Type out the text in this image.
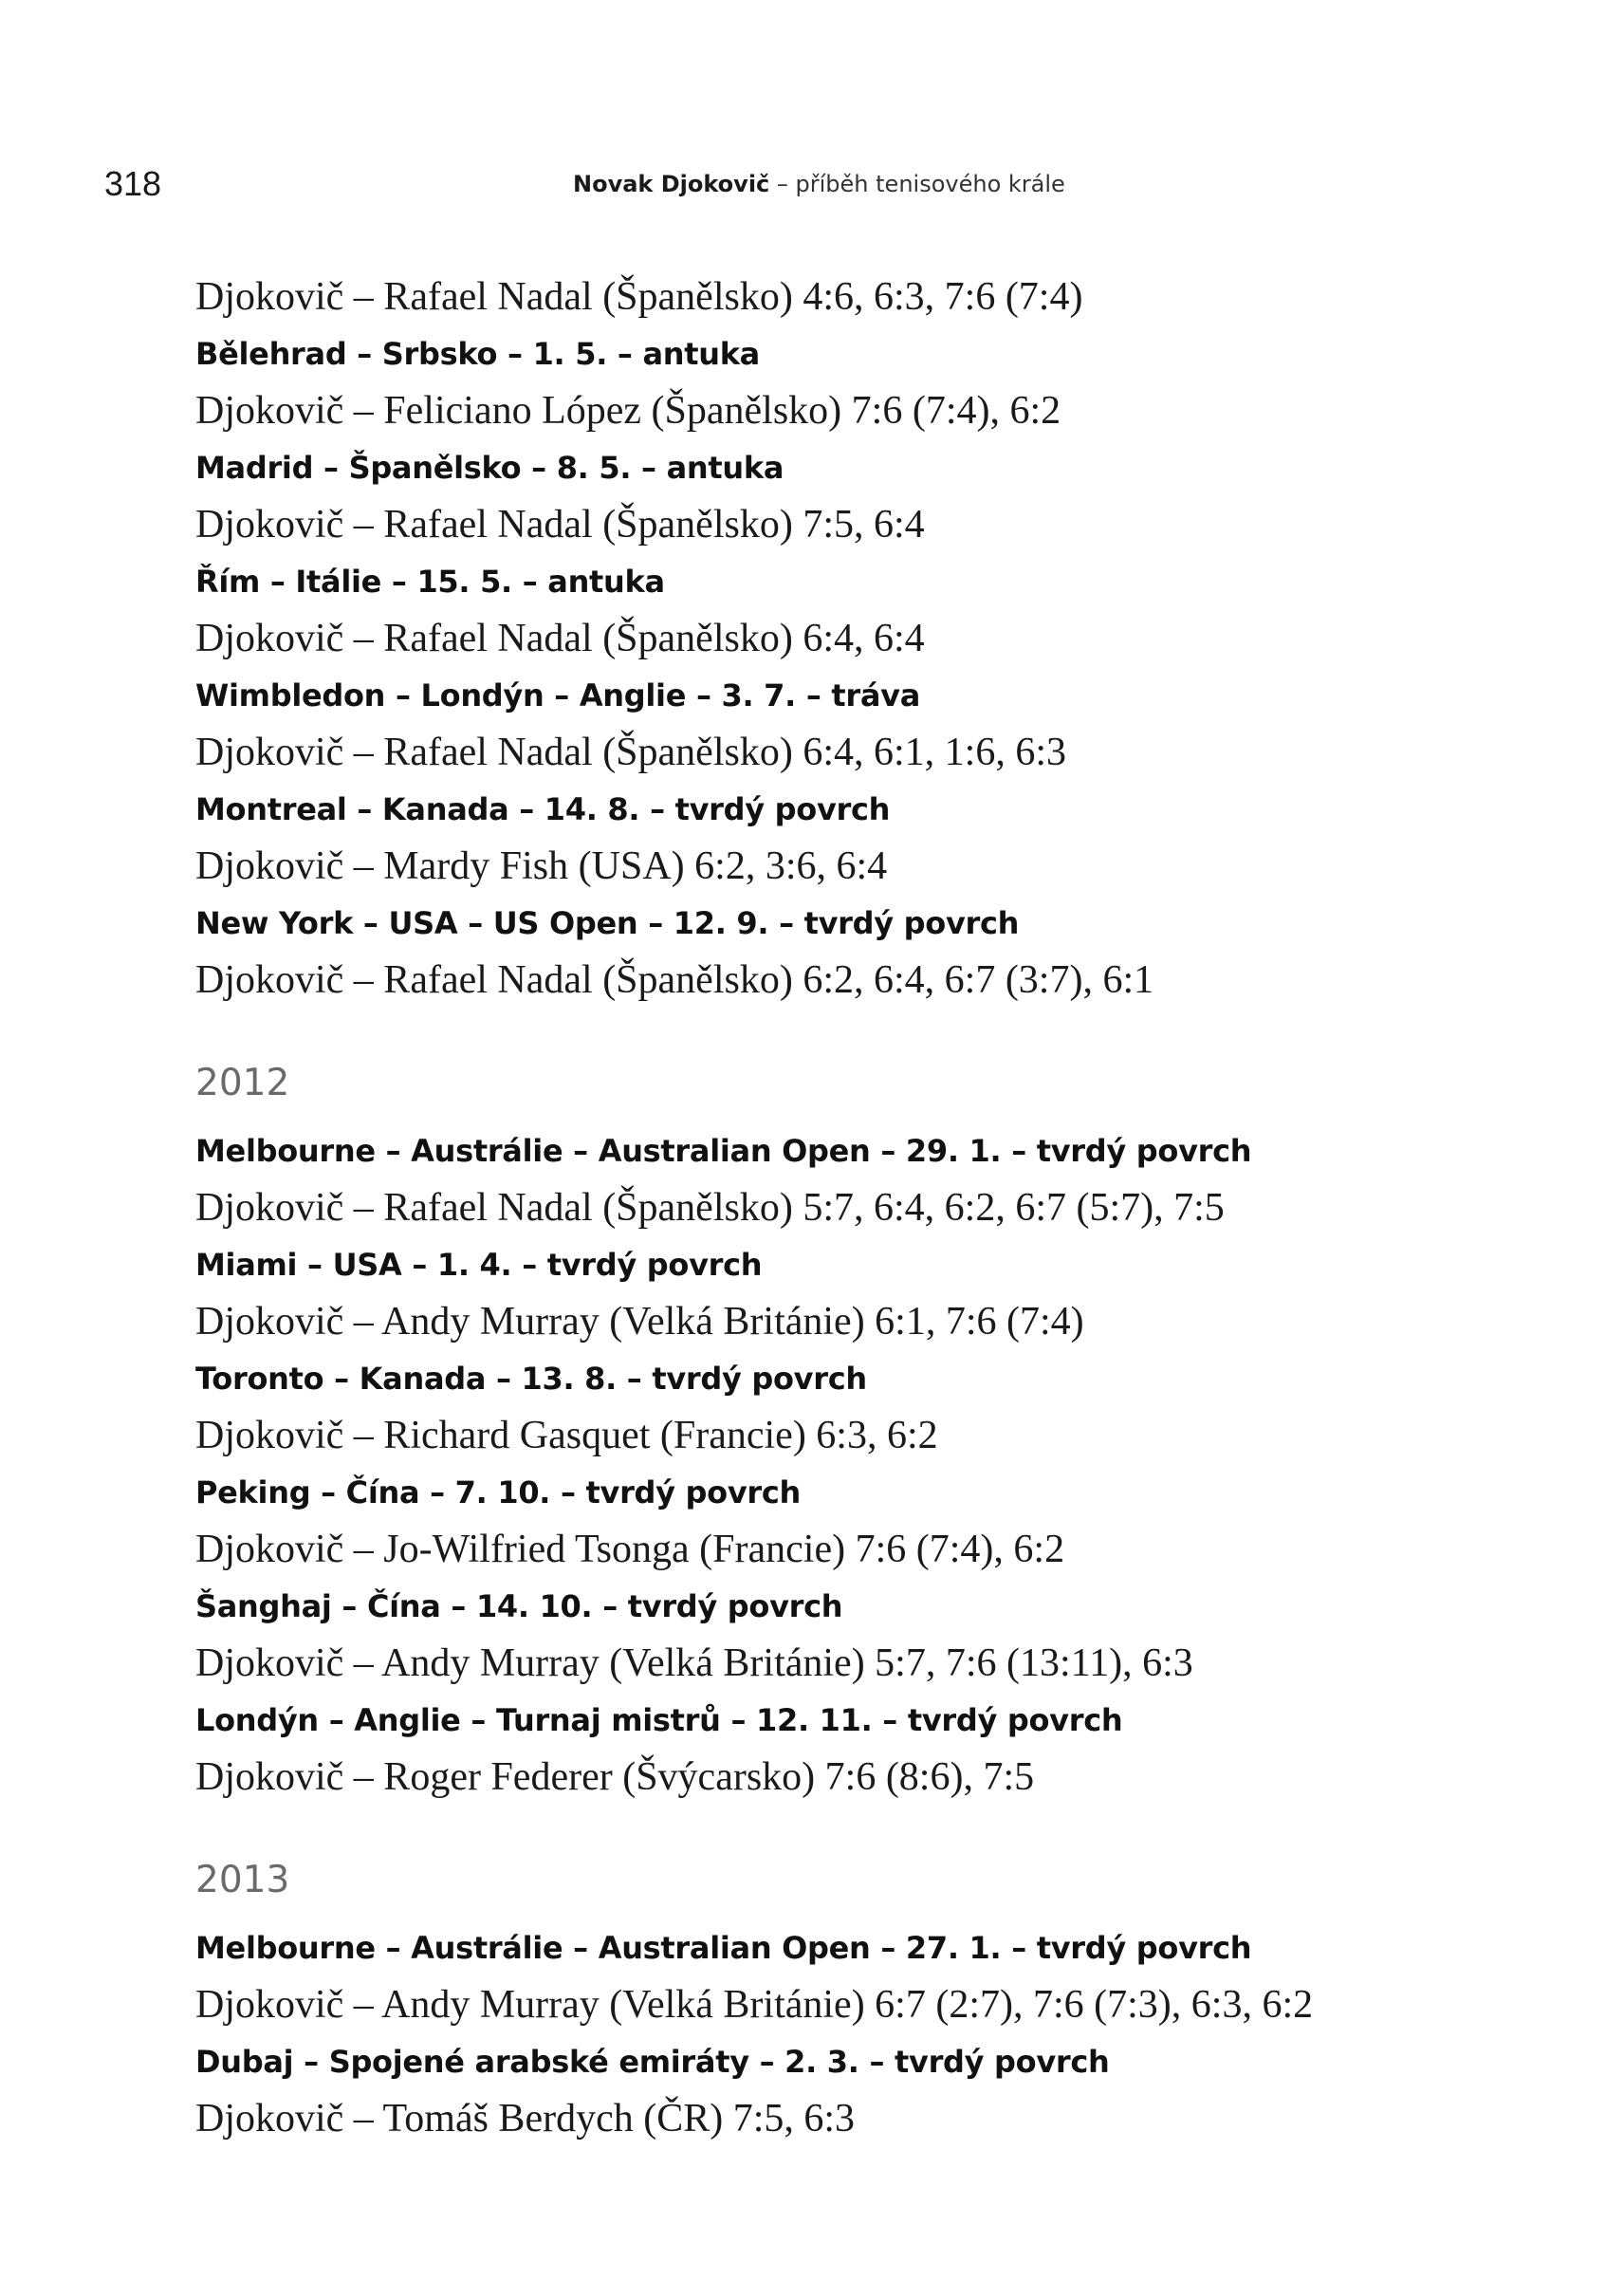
318	Novak Djokovič – příběh tenisového krále
Djokovič – Rafael Nadal (Španělsko) 4:6, 6:3, 7:6 (7:4)
Bělehrad – Srbsko – 1. 5. – antuka
Djokovič – Feliciano López (Španělsko) 7:6 (7:4), 6:2
Madrid – Španělsko – 8. 5. – antuka
Djokovič – Rafael Nadal (Španělsko) 7:5, 6:4
Řím – Itálie – 15. 5. – antuka
Djokovič – Rafael Nadal (Španělsko) 6:4, 6:4
Wimbledon – Londýn – Anglie – 3. 7. – tráva
Djokovič – Rafael Nadal (Španělsko) 6:4, 6:1, 1:6, 6:3
Montreal – Kanada – 14. 8. – tvrdý povrch
Djokovič – Mardy Fish (USA) 6:2, 3:6, 6:4
New York – USA – US Open – 12. 9. – tvrdý povrch
Djokovič – Rafael Nadal (Španělsko) 6:2, 6:4, 6:7 (3:7), 6:1
2012
Melbourne – Austrálie – Australian Open – 29. 1. – tvrdý povrch
Djokovič – Rafael Nadal (Španělsko) 5:7, 6:4, 6:2, 6:7 (5:7), 7:5
Miami – USA – 1. 4. – tvrdý povrch
Djokovič – Andy Murray (Velká Británie) 6:1, 7:6 (7:4)
Toronto – Kanada – 13. 8. – tvrdý povrch
Djokovič – Richard Gasquet (Francie) 6:3, 6:2
Peking – Čína – 7. 10. – tvrdý povrch
Djokovič – Jo-Wilfried Tsonga (Francie) 7:6 (7:4), 6:2
Šanghaj – Čína – 14. 10. – tvrdý povrch
Djokovič – Andy Murray (Velká Británie) 5:7, 7:6 (13:11), 6:3
Londýn – Anglie – Turnaj mistrů – 12. 11. – tvrdý povrch
Djokovič – Roger Federer (Švýcarsko) 7:6 (8:6), 7:5
2013
Melbourne – Austrálie – Australian Open – 27. 1. – tvrdý povrch
Djokovič – Andy Murray (Velká Británie) 6:7 (2:7), 7:6 (7:3), 6:3, 6:2
Dubaj – Spojené arabské emiráty – 2. 3. – tvrdý povrch
Djokovič – Tomáš Berdych (ČR) 7:5, 6:3
